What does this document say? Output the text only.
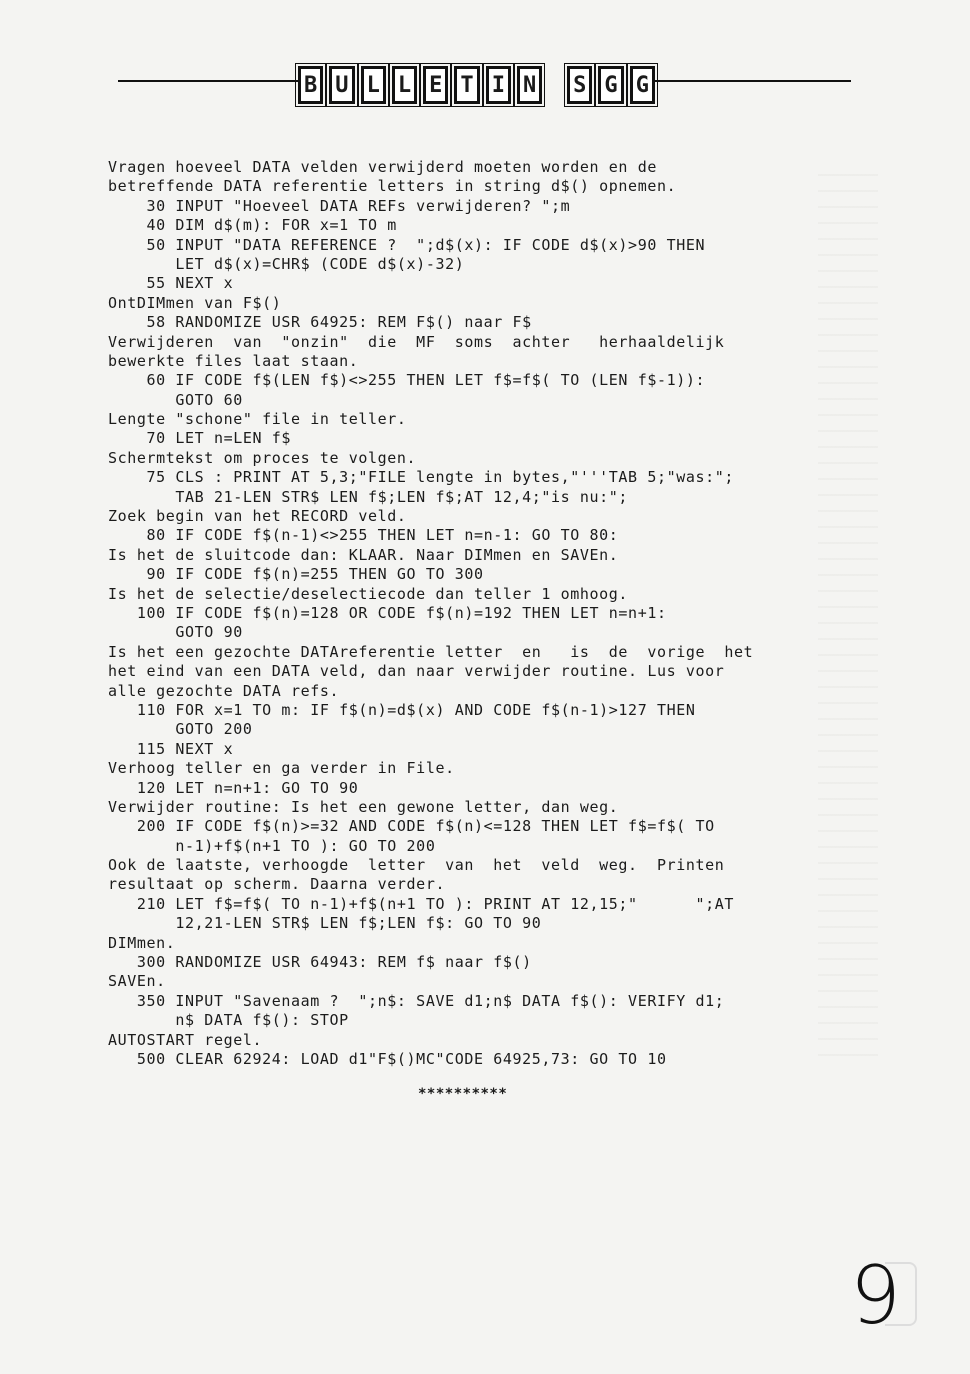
B U L L E T I N S G G
Vragen hoeveel DATA velden verwijderd moeten worden en de
betreffende DATA referentie letters in string d$() opnemen.
30 INPUT "Hoeveel DATA REFs verwijderen? ";m
40 DIM d$(m): FOR x=1 TO m
50 INPUT "DATA REFERENCE ?  ";d$(x): IF CODE d$(x)>90 THEN
LET d$(x)=CHR$ (CODE d$(x)-32)
55 NEXT x
OntDIMmen van F$()
58 RANDOMIZE USR 64925: REM F$() naar F$
Verwijderen  van  "onzin"  die  MF  soms  achter   herhaaldelijk
bewerkte files laat staan.
60 IF CODE f$(LEN f$)<>255 THEN LET f$=f$( TO (LEN f$-1)):
GOTO 60
Lengte "schone" file in teller.
70 LET n=LEN f$
Schermtekst om proces te volgen.
75 CLS : PRINT AT 5,3;"FILE lengte in bytes,"'''TAB 5;"was:";
TAB 21-LEN STR$ LEN f$;LEN f$;AT 12,4;"is nu:";
Zoek begin van het RECORD veld.
80 IF CODE f$(n-1)<>255 THEN LET n=n-1: GO TO 80:
Is het de sluitcode dan: KLAAR. Naar DIMmen en SAVEn.
90 IF CODE f$(n)=255 THEN GO TO 300
Is het de selectie/deselectiecode dan teller 1 omhoog.
100 IF CODE f$(n)=128 OR CODE f$(n)=192 THEN LET n=n+1:
GOTO 90
Is het een gezochte DATAreferentie letter  en   is  de  vorige  het
het eind van een DATA veld, dan naar verwijder routine. Lus voor
alle gezochte DATA refs.
110 FOR x=1 TO m: IF f$(n)=d$(x) AND CODE f$(n-1)>127 THEN
GOTO 200
115 NEXT x
Verhoog teller en ga verder in File.
120 LET n=n+1: GO TO 90
Verwijder routine: Is het een gewone letter, dan weg.
200 IF CODE f$(n)>=32 AND CODE f$(n)<=128 THEN LET f$=f$( TO
n-1)+f$(n+1 TO ): GO TO 200
Ook de laatste, verhoogde  letter  van  het  veld  weg.  Printen
resultaat op scherm. Daarna verder.
210 LET f$=f$( TO n-1)+f$(n+1 TO ): PRINT AT 12,15;"      ";AT
12,21-LEN STR$ LEN f$;LEN f$: GO TO 90
DIMmen.
300 RANDOMIZE USR 64943: REM f$ naar f$()
SAVEn.
350 INPUT "Savenaam ?  ";n$: SAVE d1;n$ DATA f$(): VERIFY d1;
n$ DATA f$(): STOP
AUTOSTART regel.
500 CLEAR 62924: LOAD d1"F$()MC"CODE 64925,73: GO TO 10
**********
9
